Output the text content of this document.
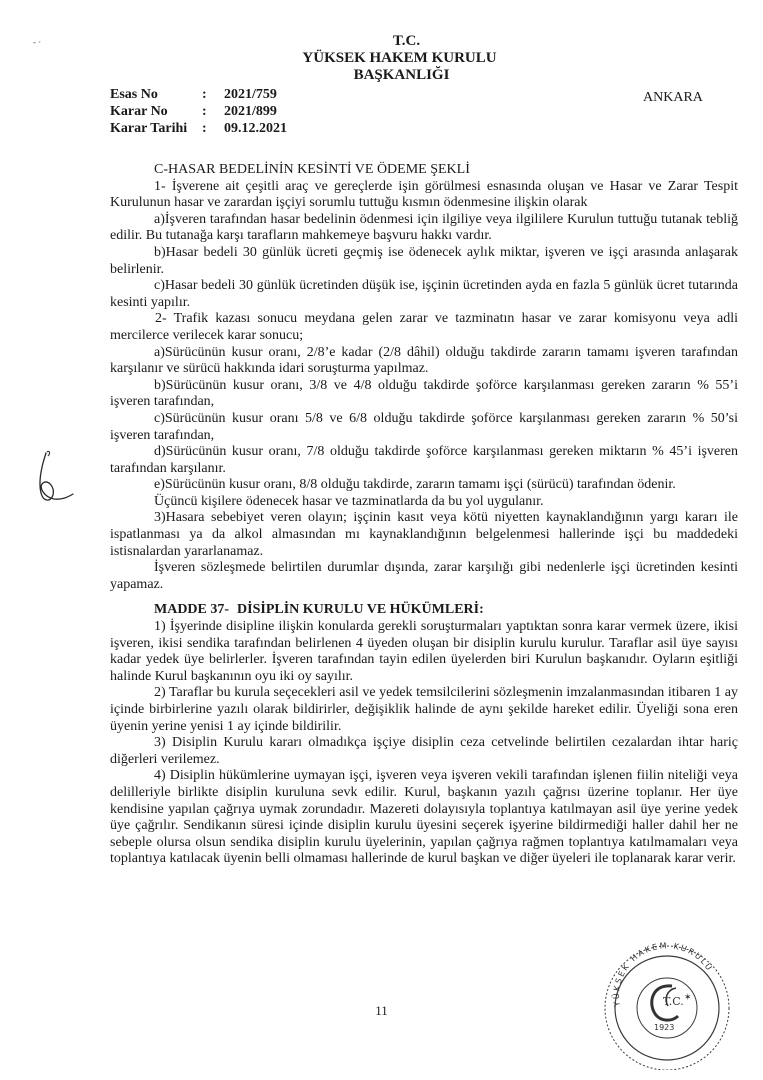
‐ ·	T.C.
YÜKSEK HAKEM KURULU
BAŞKANLIĞI
Esas No	:	2021/759
Karar No	:	2021/899
Karar Tarihi	:	09.12.2021
ANKARA

C-HASAR BEDELİNİN KESİNTİ VE ÖDEME ŞEKLİ

1- İşverene ait çeşitli araç ve gereçlerde işin görülmesi esnasında oluşan ve Hasar ve Zarar Tespit Kurulunun hasar ve zarardan işçiyi sorumlu tuttuğu kısmın ödenmesine ilişkin olarak

a)İşveren tarafından hasar bedelinin ödenmesi için ilgiliye veya ilgililere Kurulun tuttuğu tutanak tebliğ edilir. Bu tutanağa karşı tarafların mahkemeye başvuru hakkı vardır.

b)Hasar bedeli 30 günlük ücreti geçmiş ise ödenecek aylık miktar, işveren ve işçi arasında anlaşarak belirlenir.

c)Hasar bedeli 30 günlük ücretinden düşük ise, işçinin ücretinden ayda en fazla 5 günlük ücret tutarında kesinti yapılır.

2- Trafik kazası sonucu meydana gelen zarar ve tazminatın hasar ve zarar komisyonu veya adli mercilerce verilecek karar sonucu;

a)Sürücünün kusur oranı, 2/8’e kadar (2/8 dâhil) olduğu takdirde zararın tamamı işveren tarafından karşılanır ve sürücü hakkında idari soruşturma yapılmaz.

b)Sürücünün kusur oranı, 3/8 ve 4/8 olduğu takdirde şoförce karşılanması gereken zararın % 55’i işveren tarafından,

c)Sürücünün kusur oranı 5/8 ve 6/8 olduğu takdirde şoförce karşılanması gereken zararın % 50’si işveren tarafından,

d)Sürücünün kusur oranı, 7/8 olduğu takdirde şoförce karşılanması gereken miktarın % 45’i işveren tarafından karşılanır.

e)Sürücünün kusur oranı, 8/8 olduğu takdirde, zararın tamamı işçi (sürücü) tarafından ödenir.

Üçüncü kişilere ödenecek hasar ve tazminatlarda da bu yol uygulanır.

3)Hasara sebebiyet veren olayın; işçinin kasıt veya kötü niyetten kaynaklandığının yargı kararı ile ispatlanması ya da alkol almasından mı kaynaklandığının belgelenmesi hallerinde işçi bu maddedeki istisnalardan yararlanamaz.

İşveren sözleşmede belirtilen durumlar dışında, zarar karşılığı gibi nedenlerle işçi ücretinden kesinti yapamaz.

MADDE 37- DİSİPLİN KURULU VE HÜKÜMLERİ:

1) İşyerinde disipline ilişkin konularda gerekli soruşturmaları yaptıktan sonra karar vermek üzere, ikisi işveren, ikisi sendika tarafından belirlenen 4 üyeden oluşan bir disiplin kurulu kurulur. Taraflar asil üye sayısı kadar yedek üye belirlerler. İşveren tarafından tayin edilen üyelerden biri Kurulun başkanıdır. Oyların eşitliği halinde Kurul başkanının oyu iki oy sayılır.

2) Taraflar bu kurula seçecekleri asil ve yedek temsilcilerini sözleşmenin imzalanmasından itibaren 1 ay içinde birbirlerine yazılı olarak bildirirler, değişiklik halinde de aynı şekilde hareket edilir. Üyeliği sona eren üyenin yerine yenisi 1 ay içinde bildirilir.

3) Disiplin Kurulu kararı olmadıkça işçiye disiplin ceza cetvelinde belirtilen cezalardan ihtar hariç diğerleri verilemez.

4) Disiplin hükümlerine uymayan işçi, işveren veya işveren vekili tarafından işlenen fiilin niteliği veya delilleriyle birlikte disiplin kuruluna sevk edilir. Kurul, başkanın yazılı çağrısı üzerine toplanır. Her üye kendisine yapılan çağrıya uymak zorundadır. Mazereti dolayısıyla toplantıya katılmayan asil üye yerine yedek üye çağrılır. Sendikanın süresi içinde disiplin kurulu üyesini seçerek işyerine bildirmediği haller dahil her ne sebeple olursa olsun sendika disiplin kurulu üyelerinin, yapılan çağrıya rağmen toplantıya katılmamaları veya toplantıya katılacak üyenin belli olmaması hallerinde de kurul başkan ve diğer üyeleri ile toplanarak karar verir.

11	YÜKSEK HAKEM KURULU
T.C.
1923
✶
